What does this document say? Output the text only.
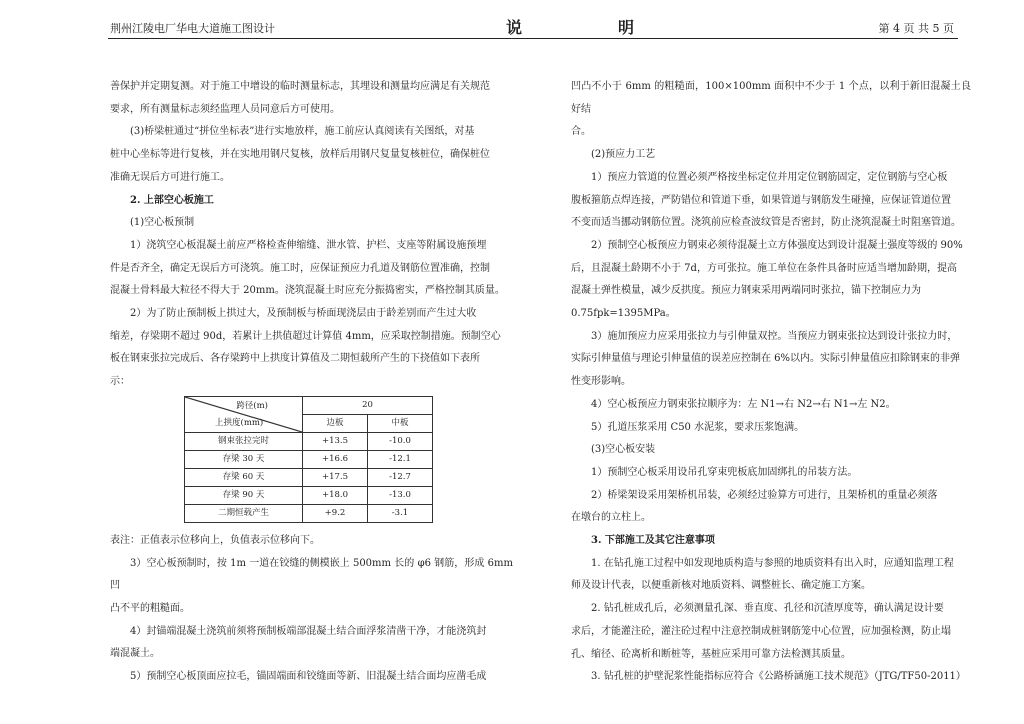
荆州江陵电厂华电大道施工图设计	说　明	第 4 页 共 5 页

善保护并定期复测。对于施工中增设的临时测量标志，其埋设和测量均应满足有关规范

要求，所有测量标志须经监理人员同意后方可使用。

(3)桥梁桩通过“拼位坐标表”进行实地放样，施工前应认真阅读有关图纸，对基

桩中心坐标等进行复核，并在实地用钢尺复核，放样后用钢尺复量复核桩位，确保桩位

准确无误后方可进行施工。

2. 上部空心板施工

(1)空心板预制

1）浇筑空心板混凝土前应严格检查伸缩缝、泄水管、护栏、支座等附属设施预埋

件是否齐全，确定无误后方可浇筑。施工时，应保证预应力孔道及钢筋位置准确，控制

混凝土骨料最大粒径不得大于 20mm。浇筑混凝土时应充分振捣密实，严格控制其质量。

2）为了防止预制板上拱过大，及预制板与桥面现浇层由于龄差别而产生过大收

缩差，存梁期不超过 90d，若累计上拱值超过计算值 4mm，应采取控制措施。预制空心

板在钢束张拉完成后、各存梁跨中上拱度计算值及二期恒载所产生的下挠值如下表所

示：

跨径(m)
上拱度(mm)	20	
	边板	中板
钢束张拉完时	+13.5	-10.0
存梁 30 天	+16.6	-12.1
存梁 60 天	+17.5	-12.7
存梁 90 天	+18.0	-13.0
二期恒载产生	+9.2	-3.1

表注：正值表示位移向上，负值表示位移向下。

3）空心板预制时，按 1m 一道在铰缝的侧模嵌上 500mm 长的 φ6 钢筋，形成 6mm 凹

凸不平的粗糙面。

4）封锚端混凝土浇筑前须将预制板端部混凝土结合面浮浆清凿干净，才能浇筑封

端混凝土。

5）预制空心板顶面应拉毛，锚固端面和铰缝面等新、旧混凝土结合面均应凿毛成

凹凸不小于 6mm 的粗糙面，100×100mm 面积中不少于 1 个点，以利于新旧混凝土良好结

合。

(2)预应力工艺

1）预应力管道的位置必须严格按坐标定位并用定位钢筋固定，定位钢筋与空心板

腹板箍筋点焊连接，严防错位和管道下垂，如果管道与钢筋发生碰撞，应保证管道位置

不变而适当挪动钢筋位置。浇筑前应检查波纹管是否密封，防止浇筑混凝土时阻塞管道。

2）预制空心板预应力钢束必须待混凝土立方体强度达到设计混凝土强度等级的 90%

后，且混凝土龄期不小于 7d，方可张拉。施工单位在条件具备时应适当增加龄期，提高

混凝土弹性模量，减少反拱度。预应力钢束采用两端同时张拉，锚下控制应力为

0.75fpk=1395MPa。

3）施加预应力应采用张拉力与引伸量双控。当预应力钢束张拉达到设计张拉力时，

实际引伸量值与理论引伸量值的误差应控制在 6%以内。实际引伸量值应扣除钢束的非弹

性变形影响。

4）空心板预应力钢束张拉顺序为：左 N1→右 N2→右 N1→左 N2。

5）孔道压浆采用 C50 水泥浆，要求压浆饱满。

(3)空心板安装

1）预制空心板采用设吊孔穿束兜板底加固绑扎的吊装方法。

2）桥梁架设采用架桥机吊装，必须经过验算方可进行，且架桥机的重量必须落

在墩台的立柱上。

3. 下部施工及其它注意事项

1. 在钻孔施工过程中如发现地质构造与参照的地质资料有出入时，应通知监理工程

师及设计代表，以便重新核对地质资料、调整桩长、确定施工方案。

2. 钻孔桩成孔后，必须测量孔深、垂直度、孔径和沉渣厚度等，确认满足设计要

求后，才能灌注砼，灌注砼过程中注意控制成桩钢筋笼中心位置，应加强检测，防止塌

孔、缩径、砼离析和断桩等，基桩应采用可靠方法检测其质量。

3. 钻孔桩的护壁泥浆性能指标应符合《公路桥涵施工技术规范》（JTG/TF50-2011）
